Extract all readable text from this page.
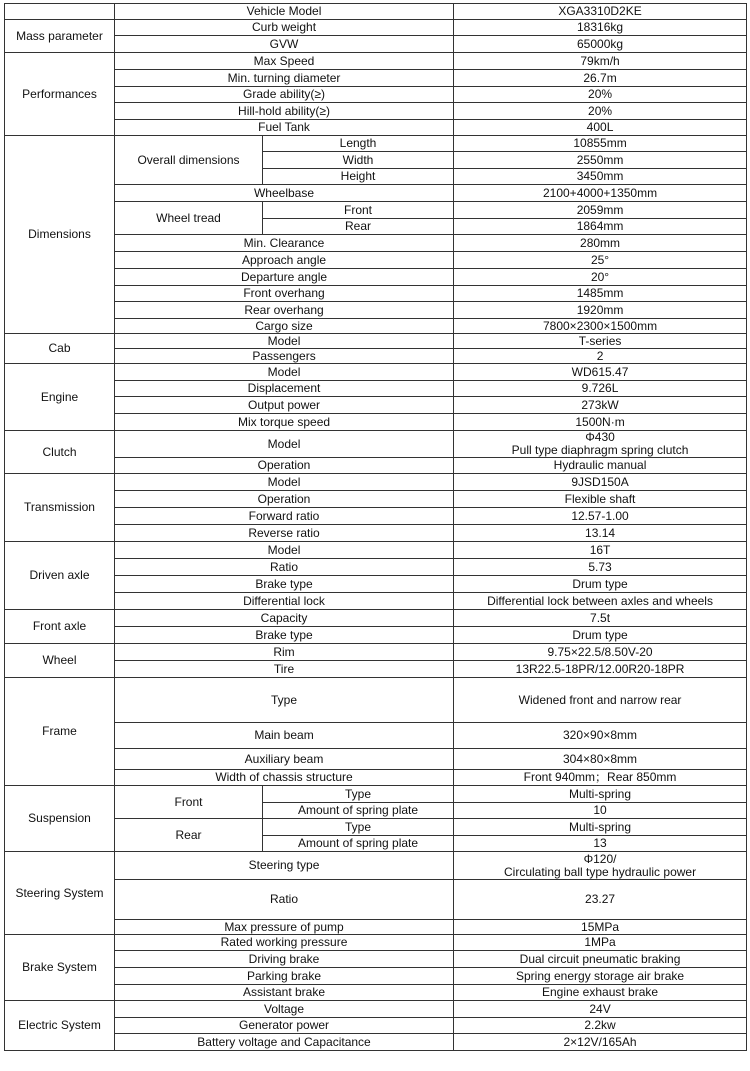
	Vehicle Model		XGA3310D2KE
Mass parameter	Curb weight		18316kg
	GVW		65000kg
Performances	Max Speed		79km/h
	Min. turning diameter		26.7m
	Grade ability(≥)		20%
	Hill-hold ability(≥)		20%
	Fuel Tank		400L
Dimensions	Overall dimensions	Length	10855mm
		Width	2550mm
		Height	3450mm
	Wheelbase		2100+4000+1350mm
	Wheel tread	Front	2059mm
		Rear	1864mm
	Min. Clearance		280mm
	Approach angle		25°
	Departure angle		20°
	Front overhang		1485mm
	Rear overhang		1920mm
	Cargo size		7800×2300×1500mm
Cab	Model		T-series
	Passengers		2
Engine	Model		WD615.47
	Displacement		9.726L
	Output power		273kW
	Mix torque speed		1500N·m
Clutch	Model		Φ430
Pull type diaphragm spring clutch
	Operation		Hydraulic manual
Transmission	Model		9JSD150A
	Operation		Flexible shaft
	Forward ratio		12.57-1.00
	Reverse ratio		13.14
Driven axle	Model		16T
	Ratio		5.73
	Brake type		Drum type
	Differential lock		Differential lock between axles and wheels
Front axle	Capacity		7.5t
	Brake type		Drum type
Wheel	Rim		9.75×22.5/8.50V-20
	Tire		13R22.5-18PR/12.00R20-18PR
Frame	Type		Widened front and narrow rear
	Main beam		320×90×8mm
	Auxiliary beam		304×80×8mm
	Width of chassis structure		Front 940mm；Rear 850mm
Suspension	Front	Type	Multi-spring
		Amount of spring plate	10
	Rear	Type	Multi-spring
		Amount of spring plate	13
Steering System	Steering type		Φ120/
Circulating ball type hydraulic power
	Ratio		23.27
	Max pressure of pump		15MPa
Brake System	Rated working pressure		1MPa
	Driving brake		Dual circuit pneumatic braking
	Parking brake		Spring energy storage air brake
	Assistant brake		Engine exhaust brake
Electric System	Voltage		24V
	Generator power		2.2kw
	Battery voltage and Capacitance		2×12V/165Ah
